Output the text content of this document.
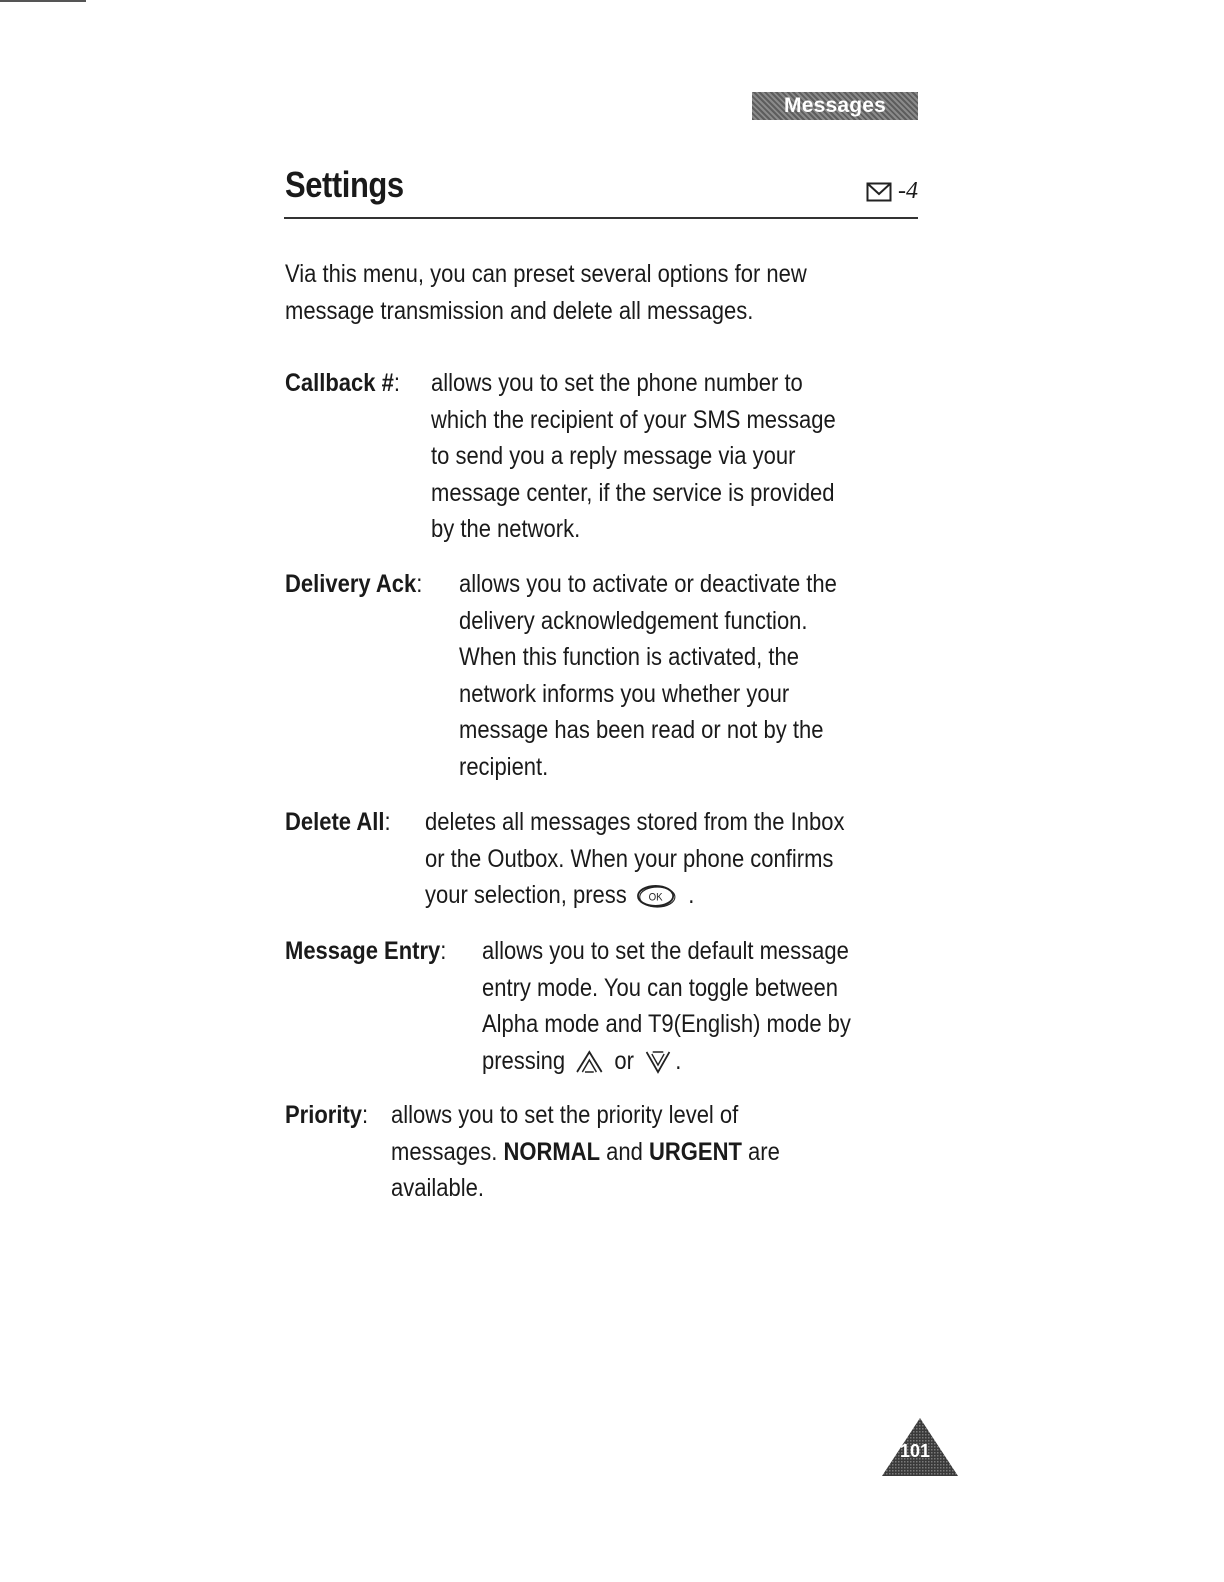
Messages
Settings	-4
Via this menu, you can preset several options for new
message transmission and delete all messages.
Callback #: allows you to set the phone number to
which the recipient of your SMS message
to send you a reply message via your
message center, if the service is provided
by the network.
Delivery Ack: allows you to activate or deactivate the
delivery acknowledgement function.
When this function is activated, the
network informs you whether your
message has been read or not by the
recipient.
Delete All: deletes all messages stored from the Inbox
or the Outbox. When your phone confirms
your selection, press OK .
Message Entry: allows you to set the default message
entry mode. You can toggle between
Alpha mode and T9(English) mode by
pressing or .
Priority: allows you to set the priority level of
messages. NORMAL and URGENT are
available.
101
